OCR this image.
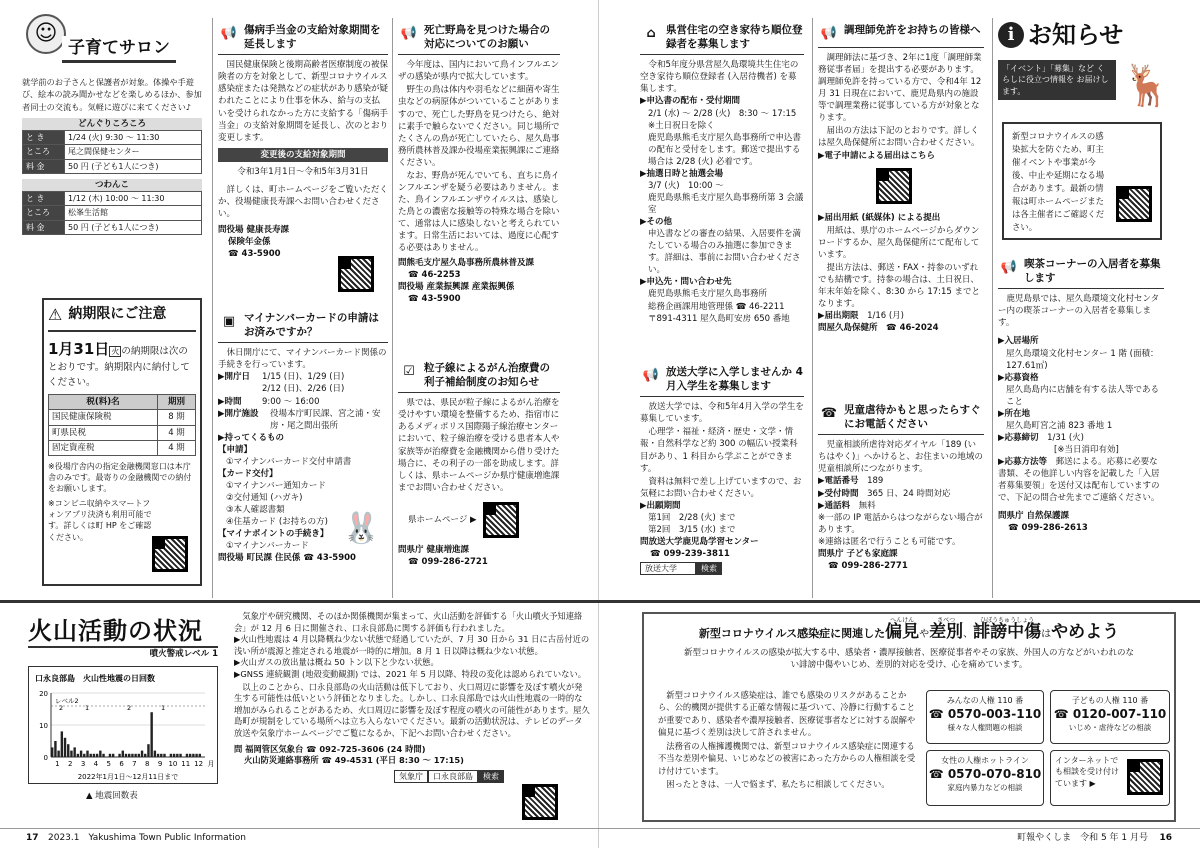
☺
子育てサロン
就学前のお子さんと保護者が対象。体操や手遊び、絵本の読み聞かせなどを楽しめるほか、参加者同士の交流も。気軽に遊びに来てください♪
どんぐりころころ
と き	1/24 (火) 9:30 ～ 11:30
ところ	尾之間保健センター
料 金	50 円 (子ども1人につき)
つわんこ
と き	1/12 (木) 10:00 ～ 11:30
ところ	松峯生活館
料 金	50 円 (子ども1人につき)
⚠ 納期限にご注意
1月31日 火 の納期限は次のとおりです。納期限内に納付してください。
税(料)名	期別
国民健康保険税	8 期
町県民税	4 期
固定資産税	4 期
※役場庁舎内の指定金融機関窓口は本庁舎のみです。最寄りの金融機関での納付をお願いします。
※コンビニ収納やスマートフォンアプリ決済も利用可能です。詳しくは町 HP をご確認ください。
📢 傷病手当金の支給対象期間を延長します
国民健康保険と後期高齢者医療制度の被保険者の方を対象として、新型コロナウイルス感染症または発熱などの症状があり感染が疑われたことにより仕事を休み、給与の支払いを受けられなかった方に支給する「傷病手当金」の支給対象期間を延長し、次のとおり変更します。
変更後の支給対象期間
令和3年1月1日～令和5年3月31日
詳しくは、町ホームページをご覧いただくか、役場健康長寿課へお問い合わせください。
問役場 健康長寿課
保険年金係
☎ 43-5900
▣ マイナンバーカードの申請はお済みですか？
休日開庁にて、マイナンバーカード関係の手続きを行っています。
▶開庁日	1/15 (日)、1/29 (日)
2/12 (日)、2/26 (日)
▶時間	9:00 ～ 16:00
▶開庁施設	役場本庁町民課、宮之浦・安房・尾之間出張所
▶持ってくるもの
【申請】
①マイナンバーカード交付申請書
【カード交付】
①マイナンバー通知カード
②交付通知 (ハガキ)
③本人確認書類
④住基カード (お持ちの方)
【マイナポイントの手続き】
①マイナンバーカード
問役場 町民課 住民係 ☎ 43-5900
🐰
📢 死亡野鳥を見つけた場合の対応についてのお願い
今年度は、国内において鳥インフルエンザの感染が県内で拡大しています。
野生の鳥は体内や羽毛などに細菌や寄生虫などの病原体がついていることがありますので、死亡した野鳥を見つけたら、絶対に素手で触らないでください。同じ場所でたくさんの鳥が死亡していたら、屋久島事務所農林普及課か役場産業振興課にご連絡ください。
なお、野鳥が死んでいても、直ちに鳥インフルエンザを疑う必要はありません。また、鳥インフルエンザウイルスは、感染した鳥との濃密な接触等の特殊な場合を除いて、通常は人に感染しないと考えられています。日常生活においては、過度に心配する必要はありません。
問熊毛支庁屋久島事務所農林普及課
☎ 46-2253
問役場 産業振興課 産業振興係
☎ 43-5900
☑ 粒子線によるがん治療費の利子補給制度のお知らせ
県では、県民が粒子線によるがん治療を受けやすい環境を整備するため、指宿市にあるメディポリス国際陽子線治療センターにおいて、粒子線治療を受ける患者本人や家族等が治療費を金融機関から借り受けた場合に、その利子の一部を助成します。詳しくは、県ホームページか県庁健康増進課までお問い合わせください。
県ホームページ ▶
問県庁 健康増進課
☎ 099-286-2721
⌂ 県営住宅の空き家待ち順位登録者を募集します
令和5年度分県営屋久島環境共生住宅の空き家待ち順位登録者 (入居待機者) を募集します。
▶申込書の配布・受付期間
2/1 (水) ～ 2/28 (火)　8:30 ～ 17:15
※土日祝日を除く
鹿児島県熊毛支庁屋久島事務所で申込書の配布と受付をします。郵送で提出する場合は 2/28 (火) 必着です。
▶抽選日時と抽選会場
3/7 (火)　10:00 ～
鹿児島県熊毛支庁屋久島事務所第 3 会議室
▶その他
申込書などの審査の結果、入居要件を満たしている場合のみ抽選に参加できます。詳細は、事前にお問い合わせください。
▶申込先・問い合わせ先
鹿児島県熊毛支庁屋久島事務所
総務企画課用地管理係 ☎ 46-2211
〒891-4311 屋久島町安房 650 番地
📢 放送大学に入学しませんか 4月入学生を募集します
放送大学では、令和5年4月入学の学生を募集しています。
心理学・福祉・経済・歴史・文学・情報・自然科学など約 300 の幅広い授業科目があり、1 科目から学ぶことができます。
資料は無料で差し上げていますので、お気軽にお問い合わせください。
▶出願期間
第1回　2/28 (火) まで
第2回　3/15 (水) まで
問放送大学鹿児島学習センター
☎ 099-239-3811
放送大学	検索
📢 調理師免許をお持ちの皆様へ
調理師法に基づき、2年に1度「調理師業務従事者届」を提出する必要があります。調理師免許を持っている方で、令和4年 12 月 31 日現在において、鹿児島県内の施設等で調理業務に従事している方が対象となります。
届出の方法は下記のとおりです。詳しくは屋久島保健所にお問い合わせください。
▶電子申請による届出はこちら
▶届出用紙 (紙媒体) による提出
用紙は、県庁のホームページからダウンロードするか、屋久島保健所にて配布しています。
提出方法は、郵送・FAX・持参のいずれでも結構です。持参の場合は、土日祝日、年末年始を除く、8:30 から 17:15 までとなります。
▶届出期限　 1/16 (月)
問屋久島保健所　 ☎ 46-2024
☎ 児童虐待かもと思ったらすぐにお電話ください
児童相談所虐待対応ダイヤル「189 (いちはやく)」へかけると、お住まいの地域の児童相談所につながります。
▶電話番号　 189
▶受付時間　 365 日、24 時間対応
▶通話料　 無料
※一部の IP 電話からはつながらない場合があります。
※連絡は匿名で行うことも可能です。
問県庁 子ども家庭課
☎ 099-286-2771
i お知らせ
「イベント」「募集」など くらしに役立つ情報を お届けします。	🦌
新型コロナウイルスの感染拡大を防ぐため、町主催イベントや事業が今後、中止や延期になる場合があります。最新の情報は町ホームページまたは各主催者にご確認ください。
📢 喫茶コーナーの入居者を募集します
鹿児島県では、屋久島環境文化村センター内の喫茶コーナーの入居者を募集します。
▶入居場所
屋久島環境文化村センター 1 階 (面積：127.61㎡)
▶応募資格
屋久島島内に店舗を有する法人等であること
▶所在地
屋久島町宮之浦 823 番地 1
▶応募締切　 1/31 (火)
[※当日消印有効]
▶応募方法等　 郵送による。応募に必要な書類、その他詳しい内容を記載した「入居者募集要領」を送付又は配布していますので、下記の問合せ先までご連絡ください。
問県庁 自然保護課
☎ 099-286-2613
火山活動の状況
噴火警戒レベル 1
口永良部島　火山性地震の日回数
0
10
20
1 2 3 4 5 6 7 8 9 10 11 12 月
レベル2
2	1	2	1
2022年1月1日～12月11日まで
▲ 地震回数表
気象庁や研究機関、そのほか関係機関が集まって、火山活動を評価する「火山噴火予知連絡会」が 12 月 6 日に開催され、口永良部島に関する評価も行われました。
▶火山性地震は 4 月以降概ね少ない状態で経過していたが、7 月 30 日から 31 日に古岳付近の浅い所が震源と推定される地震が一時的に増加。8 月 1 日以降は概ね少ない状態。
▶火山ガスの放出量は概ね 50 トン以下と少ない状態。
▶GNSS 連続観測 (地殻変動観測) では、2021 年 5 月以降、特段の変化は認められていない。
以上のことから、口永良部島の火山活動は低下しており、火口周辺に影響を及ぼす噴火が発生する可能性は低いという評価となりました。しかし、口永良部島では火山性地震の一時的な増加がみられることがあるため、火口周辺に影響を及ぼす程度の噴火の可能性があります。屋久島町が規制をしている場所へは立ち入らないでください。最新の活動状況は、テレビのデータ放送や気象庁ホームページでご覧になるか、下記へお問い合わせください。
問 福岡管区気象台 ☎ 092-725-3606 (24 時間)
火山防災連絡事務所 ☎ 49-4531 (平日 8:30 ～ 17:15)
気象庁 口永良部島 検索
新型コロナウイルス感染症に関連した
へんけん
偏見 や
さべつ
差別 、
ひぼうちゅうしょう
誹謗中傷 はやめよう
新型コロナウイルスの感染が拡大する中、感染者・濃厚接触者、医療従事者やその家族、外国人の方などがいわれのない誹謗中傷やいじめ、差別的対応を受け、心を痛めています。
新型コロナウイルス感染症は、誰でも感染のリスクがあることから、公的機関が提供する正確な情報に基づいて、冷静に行動することが重要であり、感染者や濃厚接触者、医療従事者などに対する誤解や偏見に基づく差別は決して許されません。
法務省の人権擁護機関では、新型コロナウイルス感染症に関連する不当な差別や偏見、いじめなどの被害にあった方からの人権相談を受け付けています。
困ったときは、一人で悩まず、私たちに相談してください。
みんなの人権 110 番
☎ 0570-003-110
様々な人権問題の相談
子どもの人権 110 番
☎ 0120-007-110
いじめ・虐待などの相談
女性の人権ホットライン
☎ 0570-070-810
家庭内暴力などの相談
インターネットでも相談を受け付けています ▶
17 2023.1　Yakushima Town Public Information	町報やくしま　令和 5 年 1 月号 16
